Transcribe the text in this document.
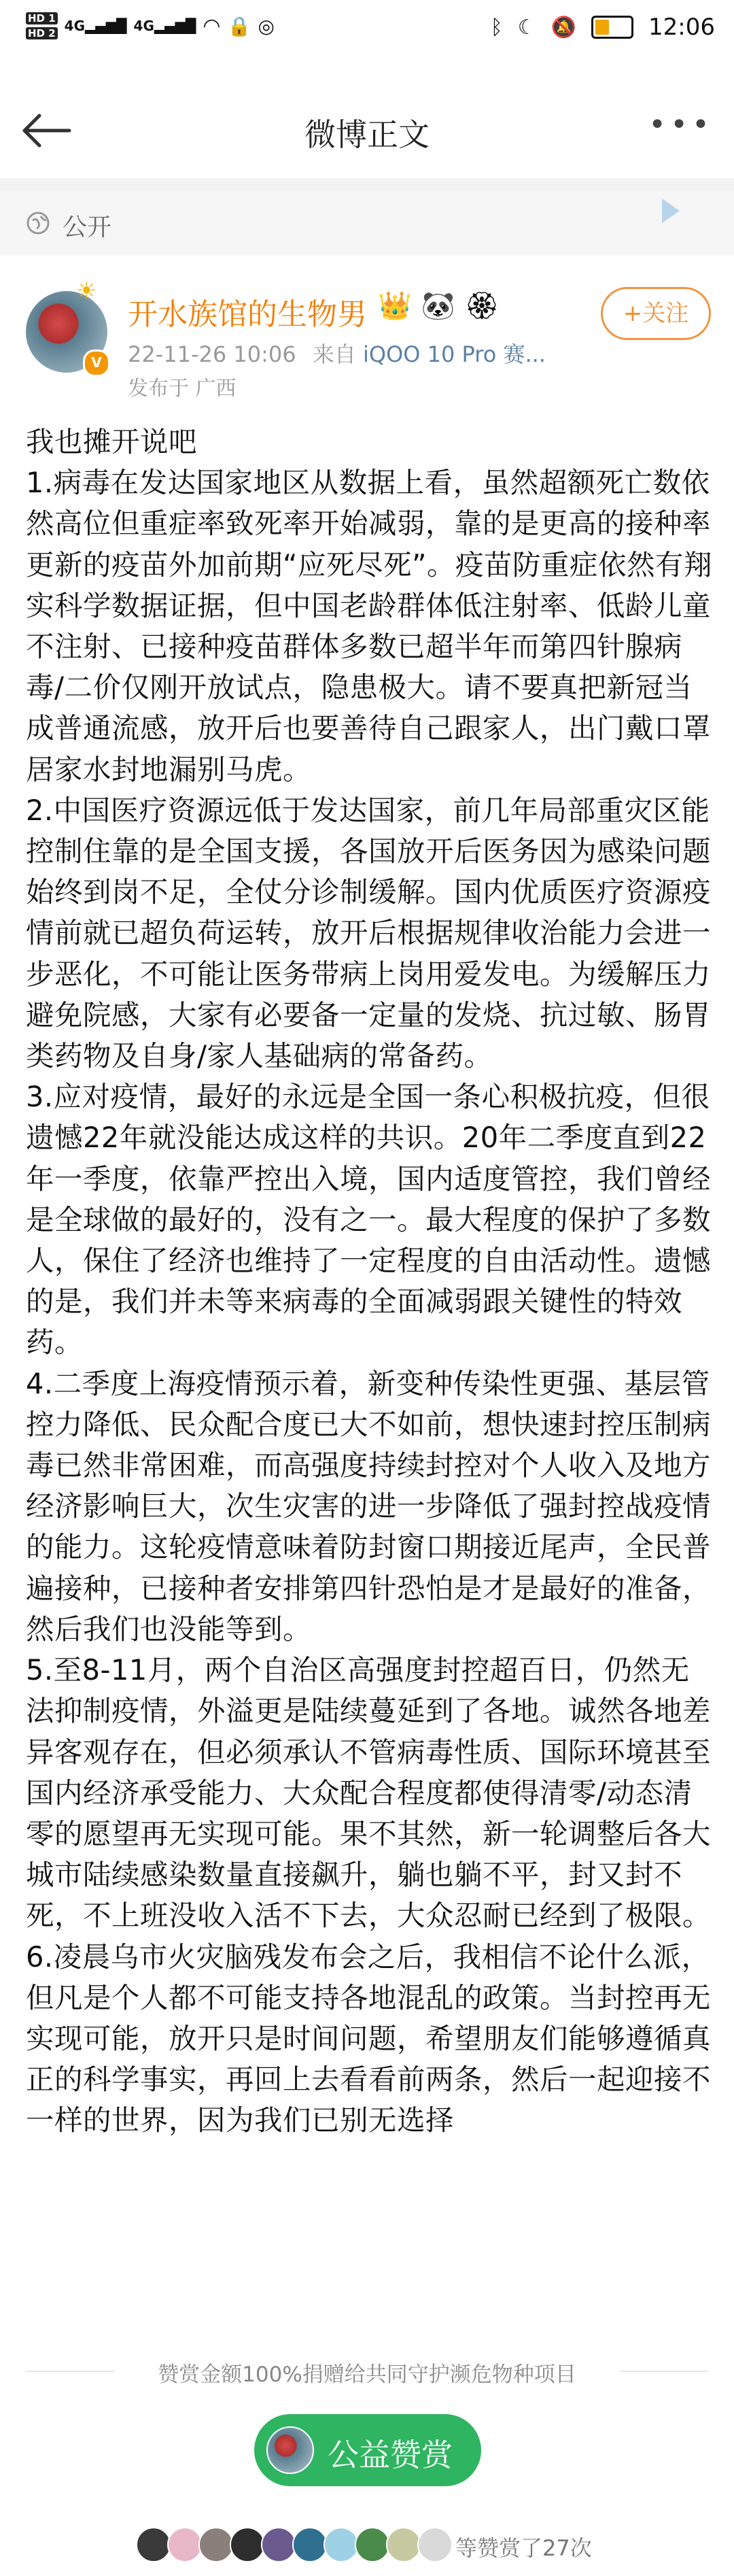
HD 1
HD 2 4G▂▄▆█ 4G▂▄▆█ ◠ 🔒 ◎	ᛒ ☾ 🔕	12:06
微博正文	•••
公开
☀
V
开水族馆的生物男 👑 🐼 🏵	+关注
22-11-26 10:06 来自 iQOO 10 Pro 赛...
发布于 广西

我也摊开说吧

1.病毒在发达国家地区从数据上看，虽然超额死亡数依然高位但重症率致死率开始减弱，靠的是更高的接种率更新的疫苗外加前期“应死尽死”。疫苗防重症依然有翔实科学数据证据，但中国老龄群体低注射率、低龄儿童不注射、已接种疫苗群体多数已超半年而第四针腺病毒/二价仅刚开放试点，隐患极大。请不要真把新冠当成普通流感，放开后也要善待自己跟家人，出门戴口罩居家水封地漏别马虎。

2.中国医疗资源远低于发达国家，前几年局部重灾区能控制住靠的是全国支援，各国放开后医务因为感染问题始终到岗不足，全仗分诊制缓解。国内优质医疗资源疫情前就已超负荷运转，放开后根据规律收治能力会进一步恶化，不可能让医务带病上岗用爱发电。为缓解压力避免院感，大家有必要备一定量的发烧、抗过敏、肠胃类药物及自身/家人基础病的常备药。

3.应对疫情，最好的永远是全国一条心积极抗疫，但很遗憾22年就没能达成这样的共识。20年二季度直到22年一季度，依靠严控出入境，国内适度管控，我们曾经是全球做的最好的，没有之一。最大程度的保护了多数人，保住了经济也维持了一定程度的自由活动性。遗憾的是，我们并未等来病毒的全面减弱跟关键性的特效药。

4.二季度上海疫情预示着，新变种传染性更强、基层管控力降低、民众配合度已大不如前，想快速封控压制病毒已然非常困难，而高强度持续封控对个人收入及地方经济影响巨大，次生灾害的进一步降低了强封控战疫情的能力。这轮疫情意味着防封窗口期接近尾声，全民普遍接种，已接种者安排第四针恐怕是才是最好的准备，然后我们也没能等到。

5.至8-11月，两个自治区高强度封控超百日，仍然无法抑制疫情，外溢更是陆续蔓延到了各地。诚然各地差异客观存在，但必须承认不管病毒性质、国际环境甚至国内经济承受能力、大众配合程度都使得清零/动态清零的愿望再无实现可能。果不其然，新一轮调整后各大城市陆续感染数量直接飙升，躺也躺不平，封又封不死，不上班没收入活不下去，大众忍耐已经到了极限。

6.凌晨乌市火灾脑残发布会之后，我相信不论什么派，但凡是个人都不可能支持各地混乱的政策。当封控再无实现可能，放开只是时间问题，希望朋友们能够遵循真正的科学事实，再回上去看看前两条，然后一起迎接不一样的世界，因为我们已别无选择

赞赏金额100%捐赠给共同守护濒危物种项目
公益赞赏
等赞赏了27次
